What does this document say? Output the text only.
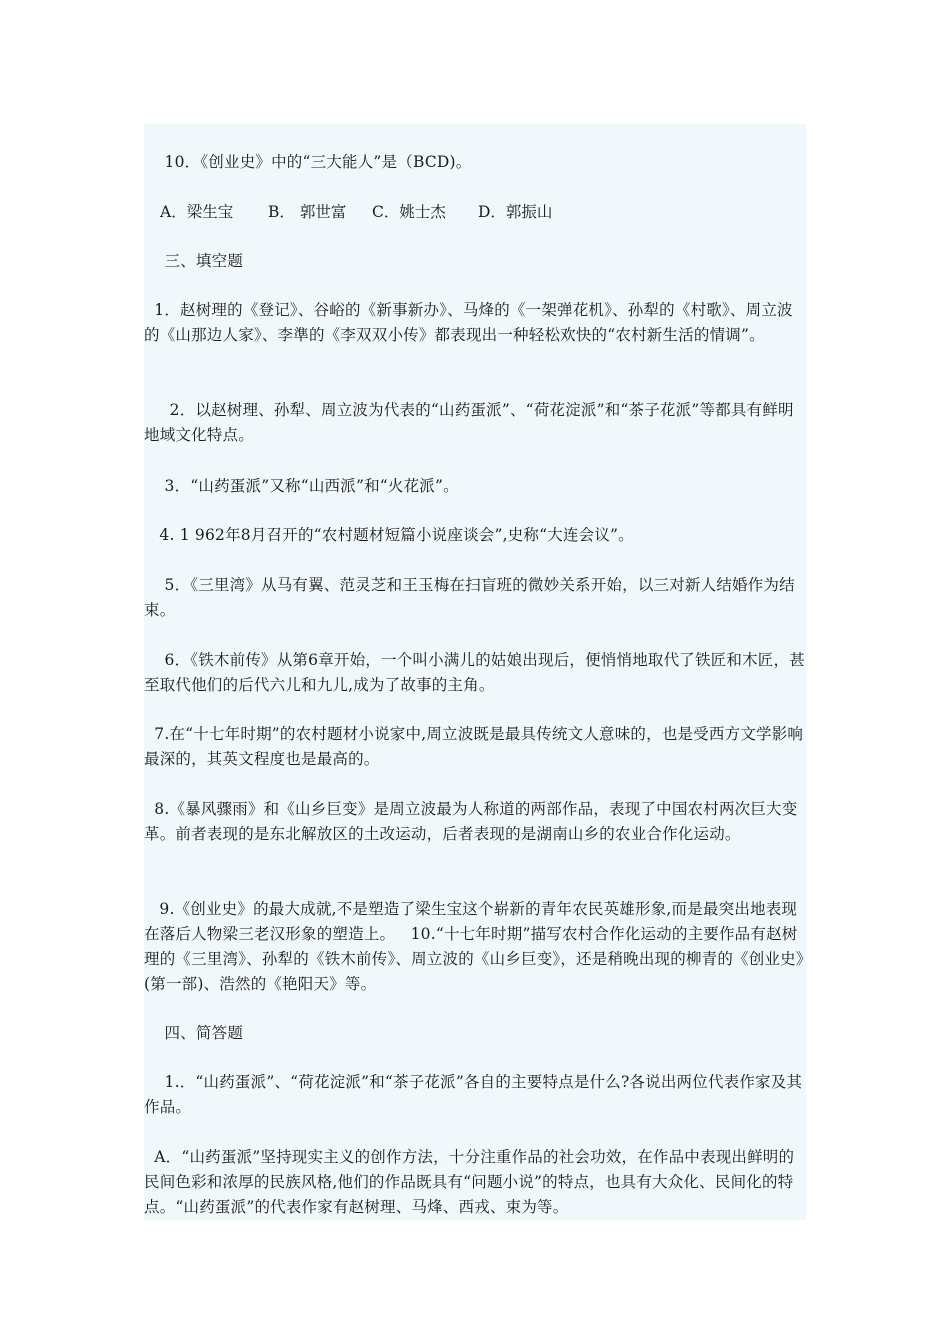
10．《创业史》中的“三大能人”是（BCD)。

A．梁生宝 B． 郭世富 C．姚士杰 D．郭振山

三、填空题

1．赵树理的《登记》、谷峪的《新事新办》、马烽的《一架弹花机》、孙犁的《村歌》、周立波的《山那边人家》、李準的《李双双小传》都表现出一种轻松欢快的“农村新生活的情调”。

2．以赵树理、孙犁、周立波为代表的“山药蛋派”、“荷花淀派”和“茶子花派”等都具有鲜明地域文化特点。

3．“山药蛋派”又称“山西派”和“火花派”。

4. 1 962年8月召开的“农村题材短篇小说座谈会”,史称“大连会议”。

5．《三里湾》从马有翼、范灵芝和王玉梅在扫盲班的微妙关系开始，以三对新人结婚作为结束。

6．《铁木前传》从第6章开始，一个叫小满儿的姑娘出现后，便悄悄地取代了铁匠和木匠，甚至取代他们的后代六儿和九儿,成为了故事的主角。

7.在“十七年时期”的农村题材小说家中,周立波既是最具传统文人意味的，也是受西方文学影响最深的，其英文程度也是最高的。

8.《暴风骤雨》和《山乡巨变》是周立波最为人称道的两部作品，表现了中国农村两次巨大变革。前者表现的是东北解放区的土改运动，后者表现的是湖南山乡的农业合作化运动。

9.《创业史》的最大成就,不是塑造了梁生宝这个崭新的青年农民英雄形象,而是最突出地表现在落后人物梁三老汉形象的塑造上。   10.“十七年时期”描写农村合作化运动的主要作品有赵树理的《三里湾》、孙犁的《铁木前传》、周立波的《山乡巨变》，还是稍晚出现的柳青的《创业史》(第一部)、浩然的《艳阳天》等。

四、简答题

1.．“山药蛋派”、“荷花淀派”和“茶子花派”各自的主要特点是什么?各说出两位代表作家及其作品。

A．“山药蛋派”坚持现实主义的创作方法，十分注重作品的社会功效，在作品中表现出鲜明的民间色彩和浓厚的民族风格,他们的作品既具有“问题小说”的特点，也具有大众化、民间化的特点。“山药蛋派”的代表作家有赵树理、马烽、西戎、束为等。
